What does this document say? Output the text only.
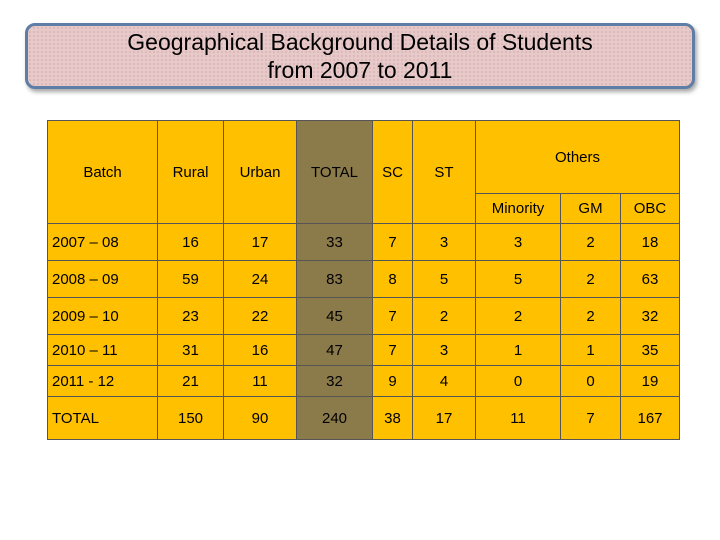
Geographical Background Details of Students
from 2007 to 2011
Batch	Rural	Urban	TOTAL	SC	ST	Others		
						Minority	GM	OBC
2007 – 08	16	17	33	7	3	3	2	18
2008 – 09	59	24	83	8	5	5	2	63
2009 – 10	23	22	45	7	2	2	2	32
2010 – 11	31	16	47	7	3	1	1	35
2011 - 12	21	11	32	9	4	0	0	19
TOTAL	150	90	240	38	17	11	7	167
